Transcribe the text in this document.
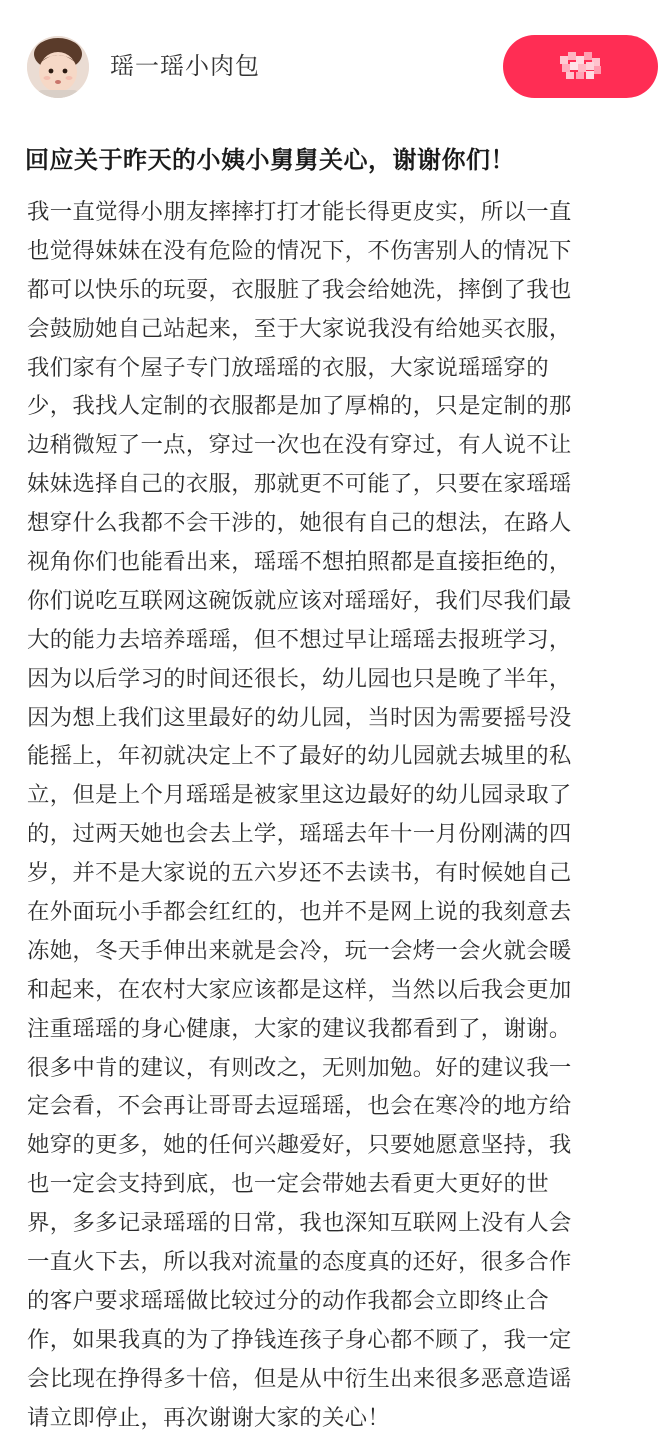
瑶一瑶小肉包
回应关于昨天的小姨小舅舅关心，谢谢你们！
我一直觉得小朋友摔摔打打才能长得更皮实，所以一直
也觉得妹妹在没有危险的情况下，不伤害别人的情况下
都可以快乐的玩耍，衣服脏了我会给她洗，摔倒了我也
会鼓励她自己站起来，至于大家说我没有给她买衣服，
我们家有个屋子专门放瑶瑶的衣服，大家说瑶瑶穿的
少，我找人定制的衣服都是加了厚棉的，只是定制的那
边稍微短了一点，穿过一次也在没有穿过，有人说不让
妹妹选择自己的衣服，那就更不可能了，只要在家瑶瑶
想穿什么我都不会干涉的，她很有自己的想法，在路人
视角你们也能看出来，瑶瑶不想拍照都是直接拒绝的，
你们说吃互联网这碗饭就应该对瑶瑶好，我们尽我们最
大的能力去培养瑶瑶，但不想过早让瑶瑶去报班学习，
因为以后学习的时间还很长，幼儿园也只是晚了半年，
因为想上我们这里最好的幼儿园，当时因为需要摇号没
能摇上，年初就决定上不了最好的幼儿园就去城里的私
立，但是上个月瑶瑶是被家里这边最好的幼儿园录取了
的，过两天她也会去上学，瑶瑶去年十一月份刚满的四
岁，并不是大家说的五六岁还不去读书，有时候她自己
在外面玩小手都会红红的，也并不是网上说的我刻意去
冻她，冬天手伸出来就是会冷，玩一会烤一会火就会暖
和起来，在农村大家应该都是这样，当然以后我会更加
注重瑶瑶的身心健康，大家的建议我都看到了，谢谢。
很多中肯的建议，有则改之，无则加勉。好的建议我一
定会看，不会再让哥哥去逗瑶瑶，也会在寒冷的地方给
她穿的更多，她的任何兴趣爱好，只要她愿意坚持，我
也一定会支持到底，也一定会带她去看更大更好的世
界，多多记录瑶瑶的日常，我也深知互联网上没有人会
一直火下去，所以我对流量的态度真的还好，很多合作
的客户要求瑶瑶做比较过分的动作我都会立即终止合
作，如果我真的为了挣钱连孩子身心都不顾了，我一定
会比现在挣得多十倍，但是从中衍生出来很多恶意造谣
请立即停止，再次谢谢大家的关心！
